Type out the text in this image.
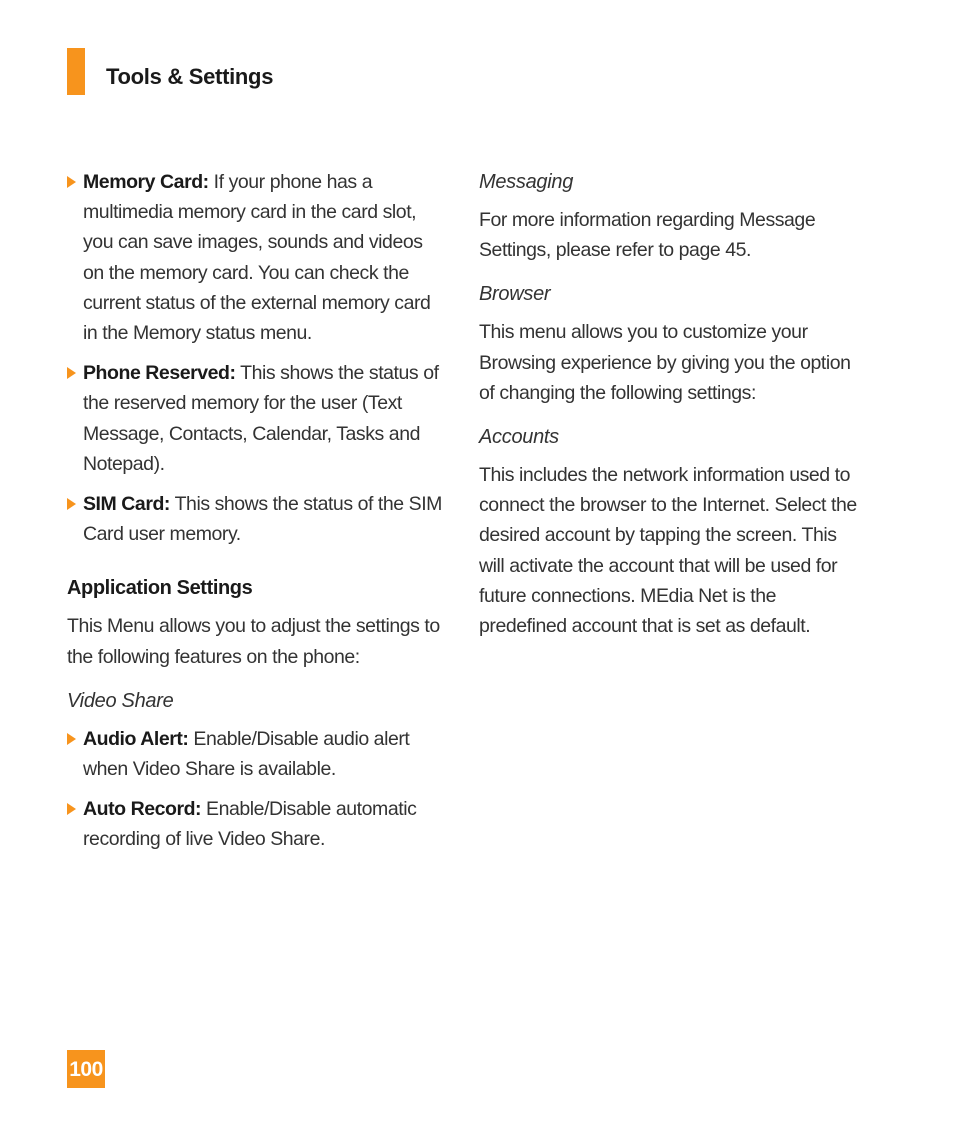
Tools & Settings
Memory Card: If your phone has a multimedia memory card in the card slot, you can save images, sounds and videos on the memory card. You can check the current status of the external memory card in the Memory status menu.
Phone Reserved: This shows the status of the reserved memory for the user (Text Message, Contacts, Calendar, Tasks and Notepad).
SIM Card: This shows the status of the SIM Card user memory.
Application Settings
This Menu allows you to adjust the settings to the following features on the phone:
Video Share
Audio Alert: Enable/Disable audio alert when Video Share is available.
Auto Record: Enable/Disable automatic recording of live Video Share.
Messaging
For more information regarding Message Settings, please refer to page 45.
Browser
This menu allows you to customize your Browsing experience by giving you the option of changing the following settings:
Accounts
This includes the network information used to connect the browser to the Internet. Select the desired account by tapping the screen. This will activate the account that will be used for future connections. MEdia Net is the predefined account that is set as default.
100
